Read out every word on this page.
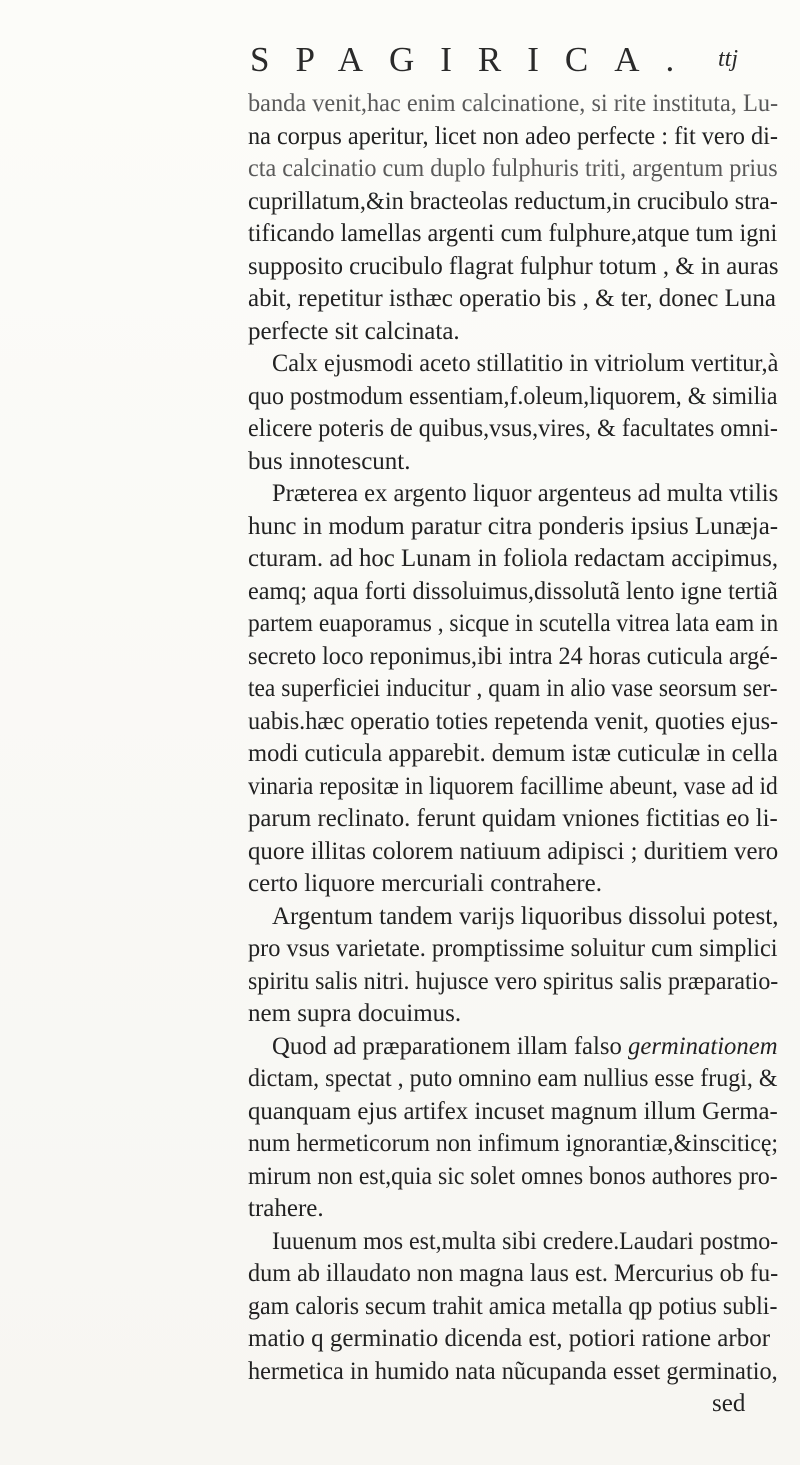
SPAGIRICA. ttj
banda venit,hac enim calcinatione, si rite instituta, Lu-
na corpus aperitur, licet non adeo perfecte : fit vero di-
cta calcinatio cum duplo fulphuris triti, argentum prius
cuprillatum,&in bracteolas reductum,in crucibulo stra-
tificando lamellas argenti cum fulphure,atque tum igni
supposito crucibulo flagrat fulphur totum , & in auras
abit, repetitur isthæc operatio bis , & ter, donec Luna
perfecte sit calcinata.
Calx ejusmodi aceto stillatitio in vitriolum vertitur,à
quo postmodum essentiam,f.oleum,liquorem, & similia
elicere poteris de quibus,vsus,vires, & facultates omni-
bus innotescunt.
Præterea ex argento liquor argenteus ad multa vtilis
hunc in modum paratur citra ponderis ipsius Lunæja-
cturam. ad hoc Lunam in foliola redactam accipimus,
eamq; aqua forti dissoluimus,dissolutã lento igne tertiã
partem euaporamus , sicque in scutella vitrea lata eam in
secreto loco reponimus,ibi intra 24 horas cuticula argé-
tea superficiei inducitur , quam in alio vase seorsum ser-
uabis.hæc operatio toties repetenda venit, quoties ejus-
modi cuticula apparebit. demum istæ cuticulæ in cella
vinaria repositæ in liquorem facillime abeunt, vase ad id
parum reclinato. ferunt quidam vniones fictitias eo li-
quore illitas colorem natiuum adipisci ; duritiem vero
certo liquore mercuriali contrahere.
Argentum tandem varijs liquoribus dissolui potest,
pro vsus varietate. promptissime soluitur cum simplici
spiritu salis nitri. hujusce vero spiritus salis præparatio-
nem supra docuimus.
Quod ad præparationem illam falso germinationem
dictam, spectat , puto omnino eam nullius esse frugi, &
quanquam ejus artifex incuset magnum illum Germa-
num hermeticorum non infimum ignorantiæ,&insciticę;
mirum non est,quia sic solet omnes bonos authores pro-
trahere.
Iuuenum mos est,multa sibi credere.Laudari postmo-
dum ab illaudato non magna laus est. Mercurius ob fu-
gam caloris secum trahit amica metalla qp potius subli-
matio q germinatio dicenda est, potiori ratione arbor
hermetica in humido nata nũcupanda esset germinatio,
sed
